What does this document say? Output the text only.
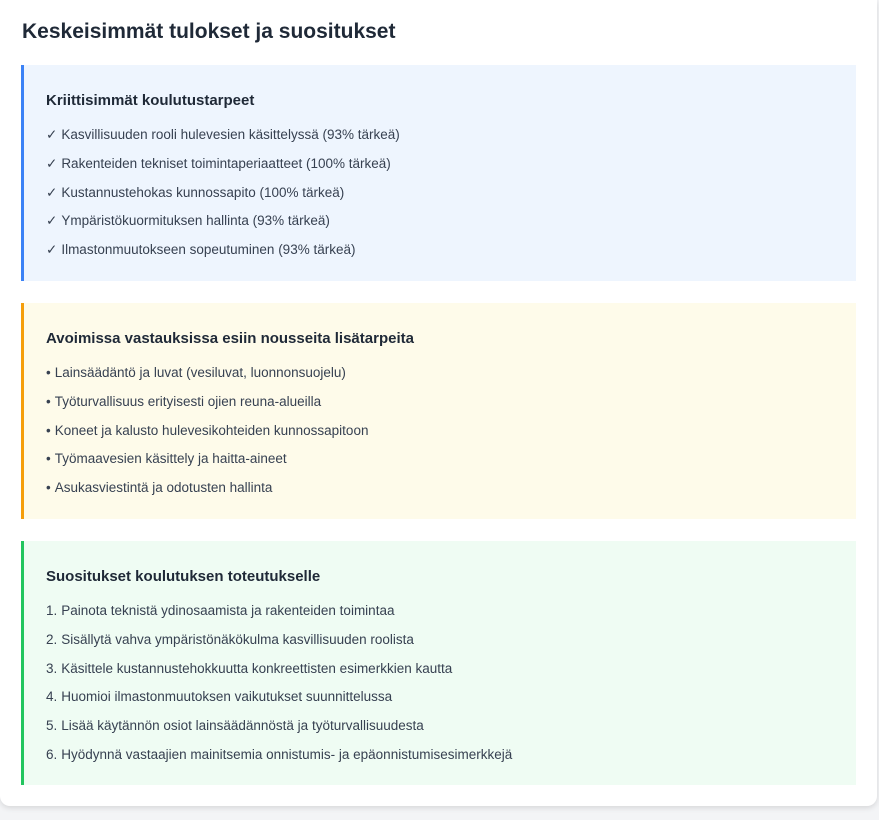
Keskeisimmät tulokset ja suositukset
Kriittisimmät koulutustarpeet
✓ Kasvillisuuden rooli hulevesien käsittelyssä (93% tärkeä)
✓ Rakenteiden tekniset toimintaperiaatteet (100% tärkeä)
✓ Kustannustehokas kunnossapito (100% tärkeä)
✓ Ympäristökuormituksen hallinta (93% tärkeä)
✓ Ilmastonmuutokseen sopeutuminen (93% tärkeä)
Avoimissa vastauksissa esiin nousseita lisätarpeita
• Lainsäädäntö ja luvat (vesiluvat, luonnonsuojelu)
• Työturvallisuus erityisesti ojien reuna-alueilla
• Koneet ja kalusto hulevesikohteiden kunnossapitoon
• Työmaavesien käsittely ja haitta-aineet
• Asukasviestintä ja odotusten hallinta
Suositukset koulutuksen toteutukselle
1. Painota teknistä ydinosaamista ja rakenteiden toimintaa
2. Sisällytä vahva ympäristönäkökulma kasvillisuuden roolista
3. Käsittele kustannustehokkuutta konkreettisten esimerkkien kautta
4. Huomioi ilmastonmuutoksen vaikutukset suunnittelussa
5. Lisää käytännön osiot lainsäädännöstä ja työturvallisuudesta
6. Hyödynnä vastaajien mainitsemia onnistumis- ja epäonnistumisesimerkkejä
